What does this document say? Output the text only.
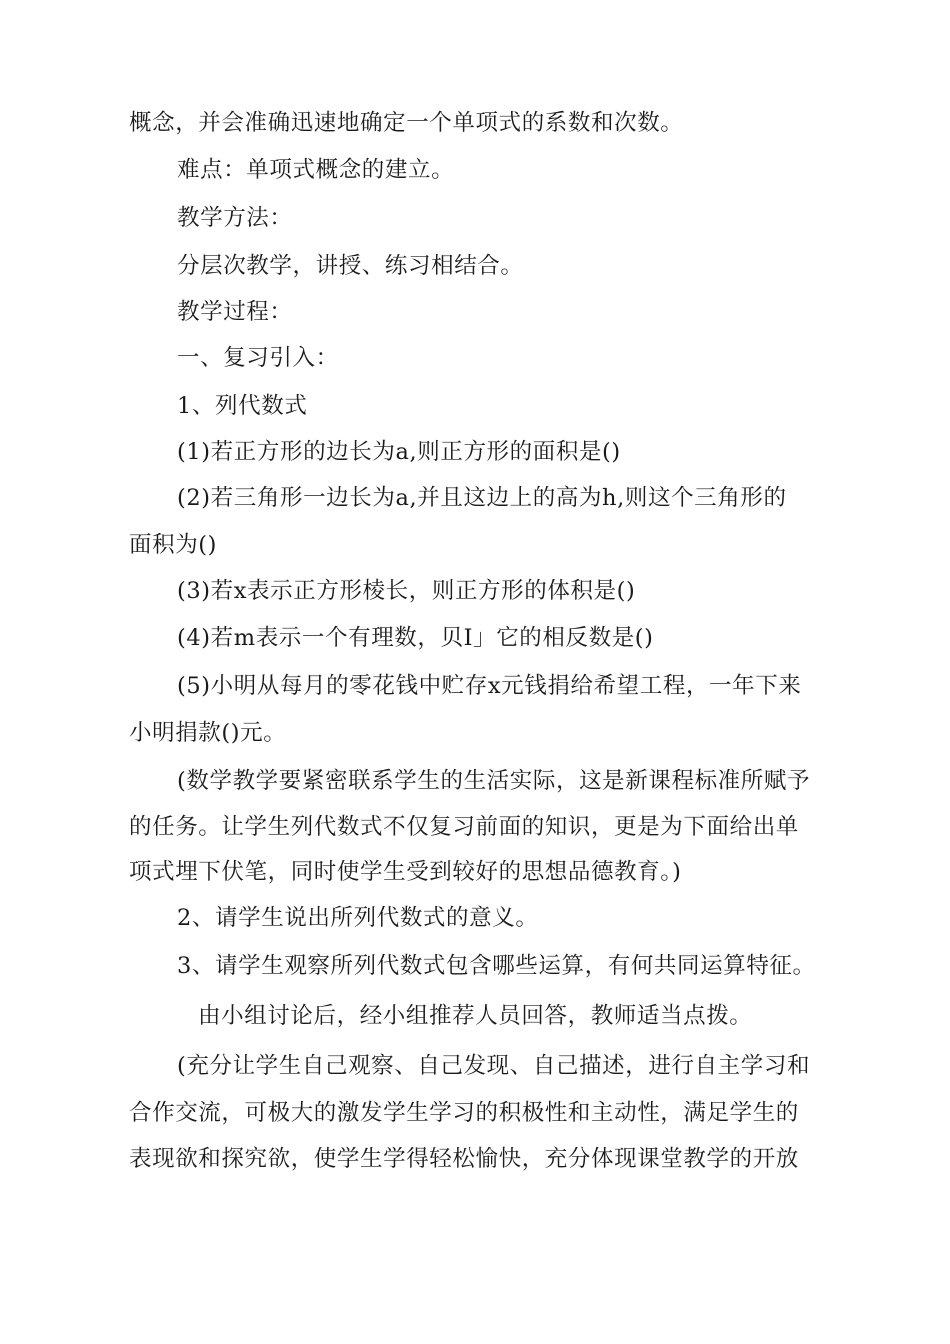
概念，并会准确迅速地确定一个单项式的系数和次数。
难点：单项式概念的建立。
教学方法：
分层次教学，讲授、练习相结合。
教学过程：
一、复习引入：
1、列代数式
(1)若正方形的边长为a,则正方形的面积是()
(2)若三角形一边长为a,并且这边上的高为h,则这个三角形的
面积为()
(3)若x表示正方形棱长，则正方形的体积是()
(4)若m表示一个有理数，贝I」它的相反数是()
(5)小明从每月的零花钱中贮存x元钱捐给希望工程，一年下来
小明捐款()元。
(数学教学要紧密联系学生的生活实际，这是新课程标准所赋予
的任务。让学生列代数式不仅复习前面的知识，更是为下面给出单
项式埋下伏笔，同时使学生受到较好的思想品德教育。)
2、请学生说出所列代数式的意义。
3、请学生观察所列代数式包含哪些运算，有何共同运算特征。
由小组讨论后，经小组推荐人员回答，教师适当点拨。
(充分让学生自己观察、自己发现、自己描述，进行自主学习和
合作交流，可极大的激发学生学习的积极性和主动性，满足学生的
表现欲和探究欲，使学生学得轻松愉快，充分体现课堂教学的开放
